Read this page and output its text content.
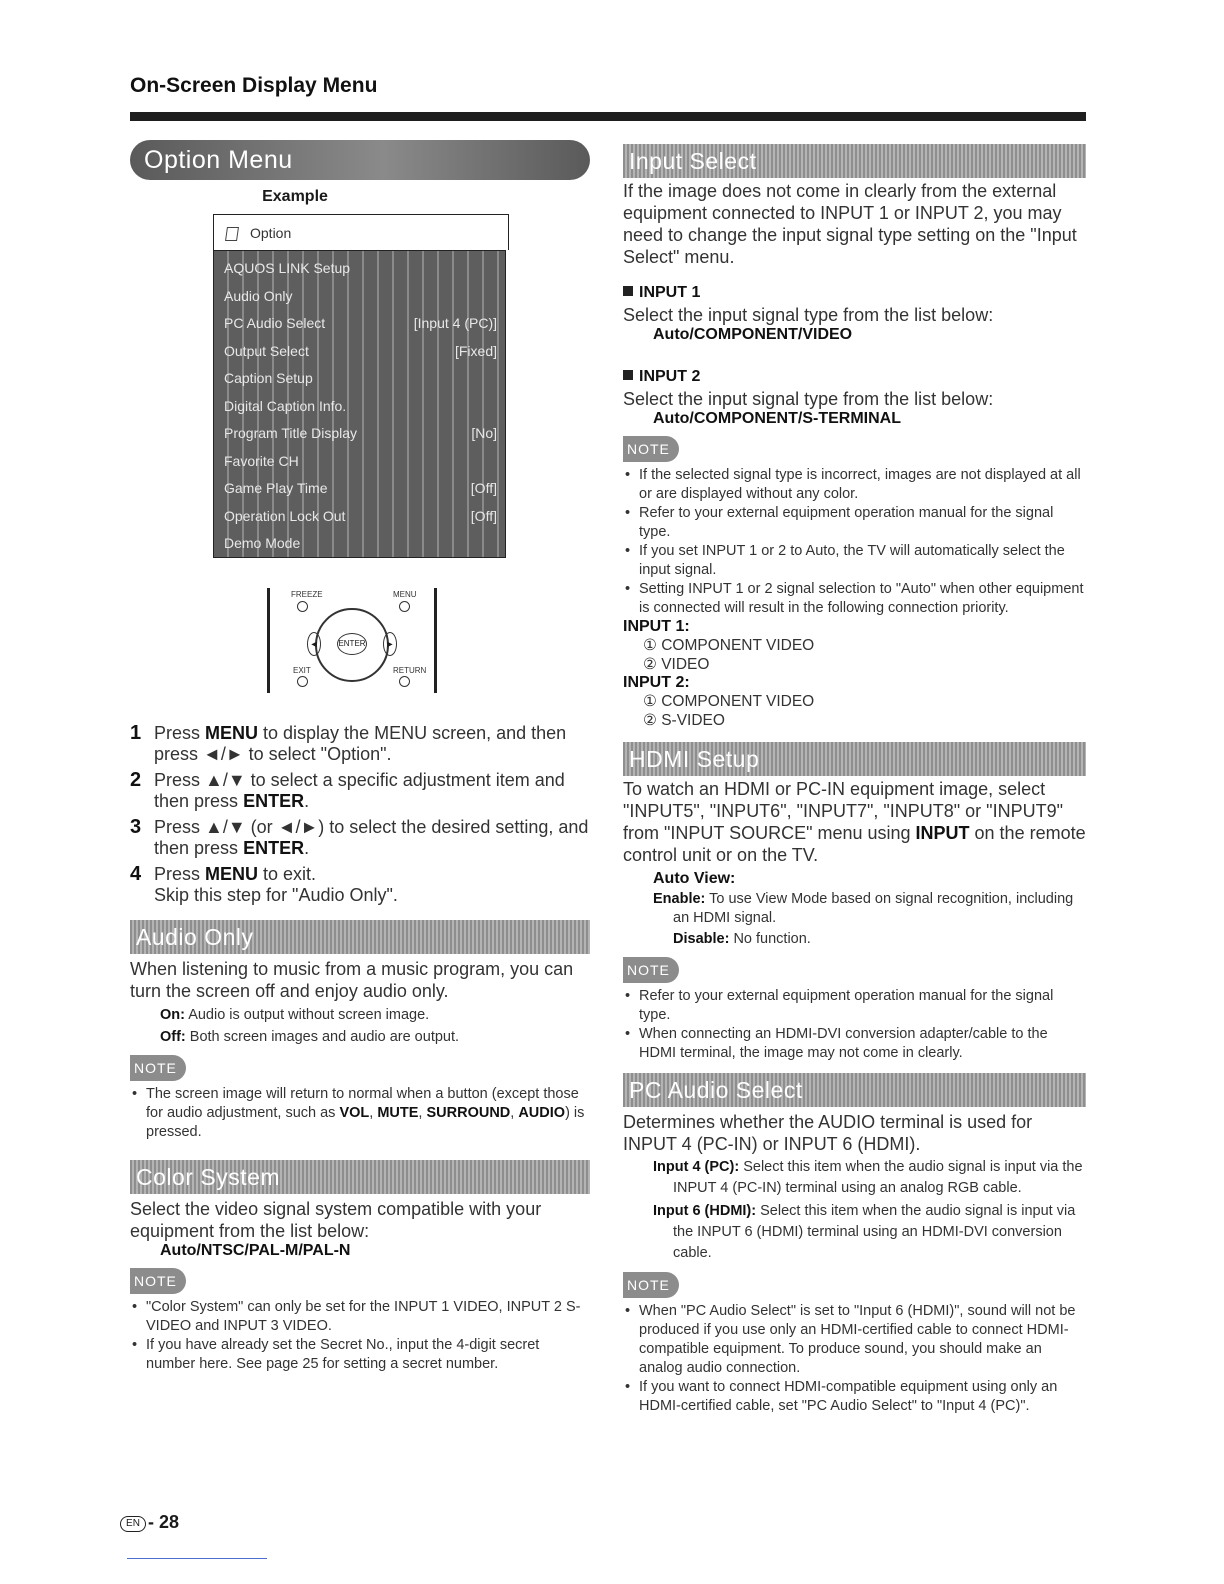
On-Screen Display Menu
Option Menu
Example
Option
AQUOS LINK Setup
Audio Only
PC Audio Select	[Input 4 (PC)]
Output Select	[Fixed]
Caption Setup
Digital Caption Info.
Program Title Display	[No]
Favorite CH
Game Play Time	[Off]
Operation Lock Out	[Off]
Demo Mode
FREEZE	MENU
◄	►
ENTER
EXIT	RETURN
1 Press MENU to display the MENU screen, and then press ◄/► to select "Option".
2 Press ▲/▼ to select a specific adjustment item and then press ENTER.
3 Press ▲/▼ (or ◄/►) to select the desired setting, and then press ENTER.
4 Press MENU to exit.
Skip this step for "Audio Only".
Audio Only
When listening to music from a music program, you can turn the screen off and enjoy audio only.
On: Audio is output without screen image.
Off: Both screen images and audio are output.
NOTE
• The screen image will return to normal when a button (except those for audio adjustment, such as VOL, MUTE, SURROUND, AUDIO) is pressed.
Color System
Select the video signal system compatible with your equipment from the list below:
Auto/NTSC/PAL-M/PAL-N
NOTE
• "Color System" can only be set for the INPUT 1 VIDEO, INPUT 2 S-VIDEO and INPUT 3 VIDEO.
• If you have already set the Secret No., input the 4-digit secret number here. See page 25 for setting a secret number.
Input Select
If the image does not come in clearly from the external equipment connected to INPUT 1 or INPUT 2, you may need to change the input signal type setting on the "Input Select" menu.
INPUT 1
Select the input signal type from the list below:
Auto/COMPONENT/VIDEO
INPUT 2
Select the input signal type from the list below:
Auto/COMPONENT/S-TERMINAL
NOTE
• If the selected signal type is incorrect, images are not displayed at all or are displayed without any color.
• Refer to your external equipment operation manual for the signal type.
• If you set INPUT 1 or 2 to Auto, the TV will automatically select the input signal.
• Setting INPUT 1 or 2 signal selection to "Auto" when other equipment is connected will result in the following connection priority.
INPUT 1:
① COMPONENT VIDEO
② VIDEO
INPUT 2:
① COMPONENT VIDEO
② S-VIDEO
HDMI Setup
To watch an HDMI or PC-IN equipment image, select "INPUT5", "INPUT6", "INPUT7", "INPUT8" or "INPUT9" from "INPUT SOURCE" menu using INPUT on the remote control unit or on the TV.
Auto View:
Enable: To use View Mode based on signal recognition, including an HDMI signal.
Disable: No function.
NOTE
• Refer to your external equipment operation manual for the signal type.
• When connecting an HDMI-DVI conversion adapter/cable to the HDMI terminal, the image may not come in clearly.
PC Audio Select
Determines whether the AUDIO terminal is used for INPUT 4 (PC-IN) or INPUT 6 (HDMI).
Input 4 (PC): Select this item when the audio signal is input via the INPUT 4 (PC-IN) terminal using an analog RGB cable.
Input 6 (HDMI): Select this item when the audio signal is input via the INPUT 6 (HDMI) terminal using an HDMI-DVI conversion cable.
NOTE
• When "PC Audio Select" is set to "Input 6 (HDMI)", sound will not be produced if you use only an HDMI-certified cable to connect HDMI-compatible equipment. To produce sound, you should make an analog audio connection.
• If you want to connect HDMI-compatible equipment using only an HDMI-certified cable, set "PC Audio Select" to "Input 4 (PC)".
EN - 28
